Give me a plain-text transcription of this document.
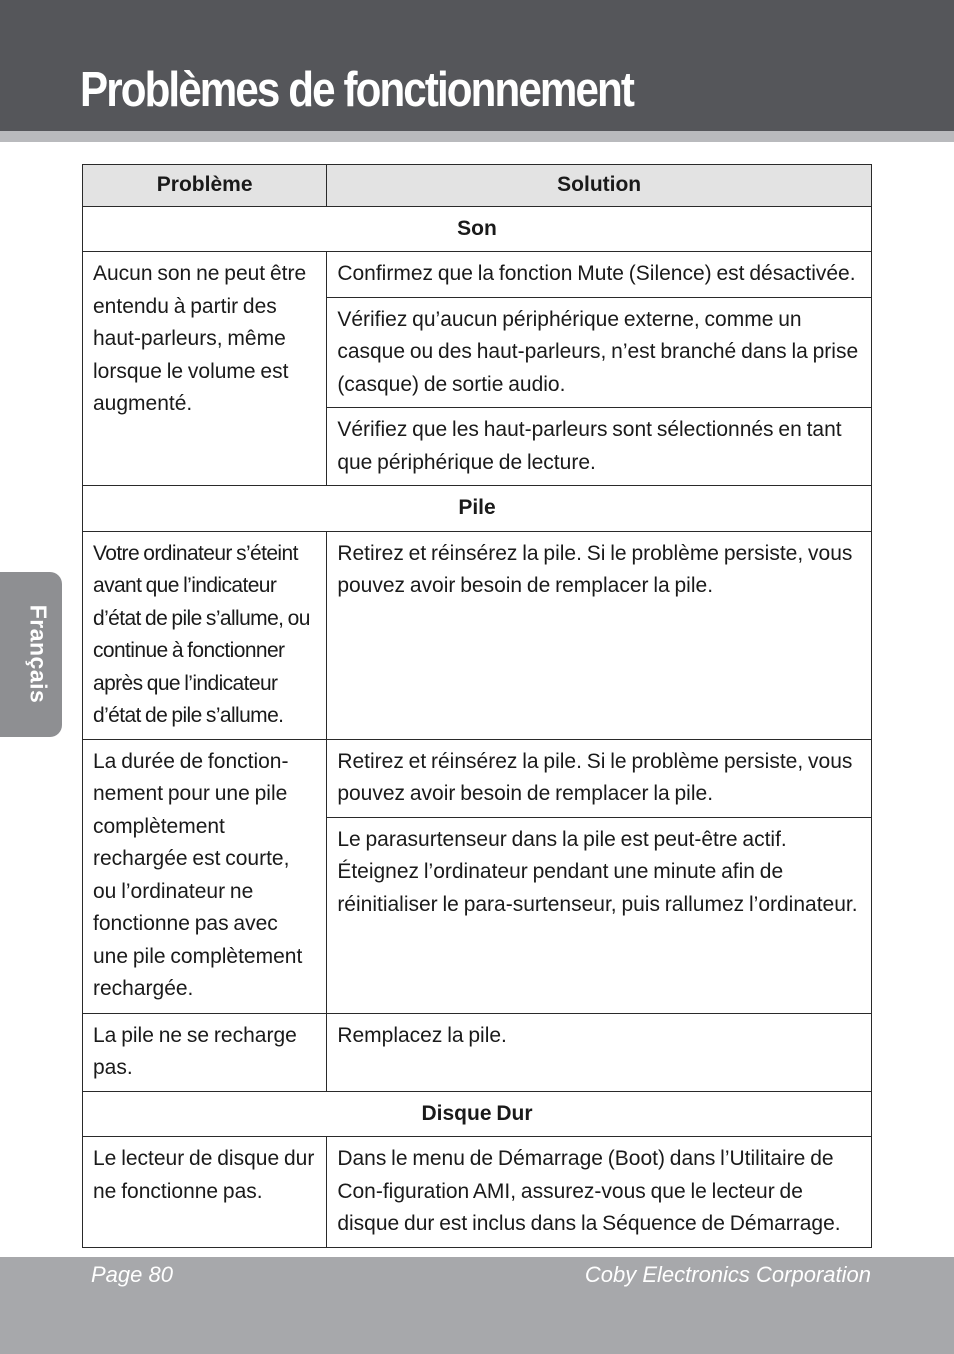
Problèmes de fonctionnement
Français
Problème	Solution
Son	
Aucun son ne peut être entendu à partir des haut-parleurs, même lorsque le volume est augmenté.	Confirmez que la fonction Mute (Silence) est désactivée.
	Vérifiez qu’aucun périphérique externe, comme un casque ou des haut-parleurs, n’est branché dans la prise (casque) de sortie audio.
	Vérifiez que les haut-parleurs sont sélectionnés en tant que périphérique de lecture.
Pile	
Votre ordinateur s’éteint avant que l’indicateur d’état de pile s’allume, ou continue à fonctionner après que l’indicateur d’état de pile s’allume.	Retirez et réinsérez la pile. Si le problème persiste, vous pouvez avoir besoin de remplacer la pile.
La durée de fonction-nement pour une pile complètement rechargée est courte, ou l’ordinateur ne fonctionne pas avec une pile complètement rechargée.	Retirez et réinsérez la pile. Si le problème persiste, vous pouvez avoir besoin de remplacer la pile.
	Le parasurtenseur dans la pile est peut-être actif. Éteignez l’ordinateur pendant une minute afin de réinitialiser le para-surtenseur, puis rallumez l’ordinateur.
La pile ne se recharge pas.	Remplacez la pile.
Disque Dur	
Le lecteur de disque dur ne fonctionne pas.	Dans le menu de Démarrage (Boot) dans l’Utilitaire de Con-figuration AMI, assurez-vous que le lecteur de disque dur est inclus dans la Séquence de Démarrage.
Page 80	Coby Electronics Corporation
